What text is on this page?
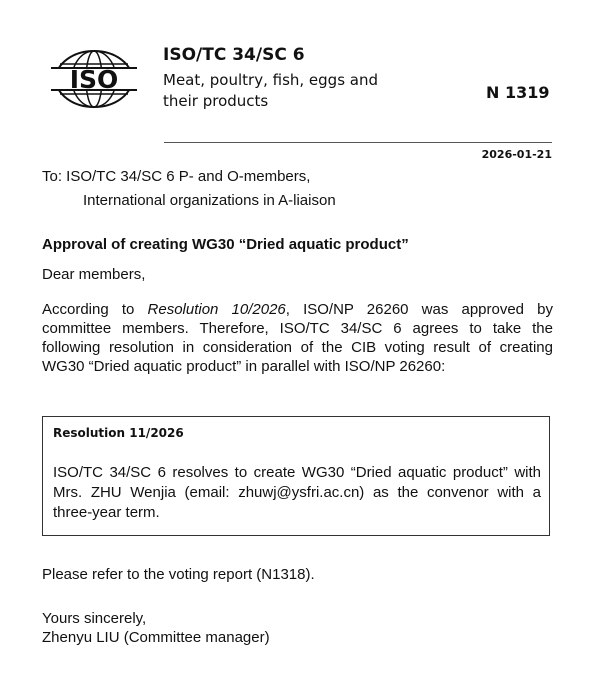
ISO

ISO/TC 34/SC 6

Meat, poultry, fish, eggs and their products	N 1319
2026-01-21
To: ISO/TC 34/SC 6 P- and O-members,
International organizations in A-liaison
Approval of creating WG30 “Dried aquatic product”
Dear members,
According to Resolution 10/2026, ISO/NP 26260 was approved by committee members. Therefore, ISO/TC 34/SC 6 agrees to take the following resolution in consideration of the CIB voting result of creating WG30 “Dried aquatic product” in parallel with ISO/NP 26260:
Resolution 11/2026
ISO/TC 34/SC 6 resolves to create WG30 “Dried aquatic product” with Mrs. ZHU Wenjia (email: zhuwj@ysfri.ac.cn) as the convenor with a three-year term.
Please refer to the voting report (N1318).
Yours sincerely,
Zhenyu LIU (Committee manager)
